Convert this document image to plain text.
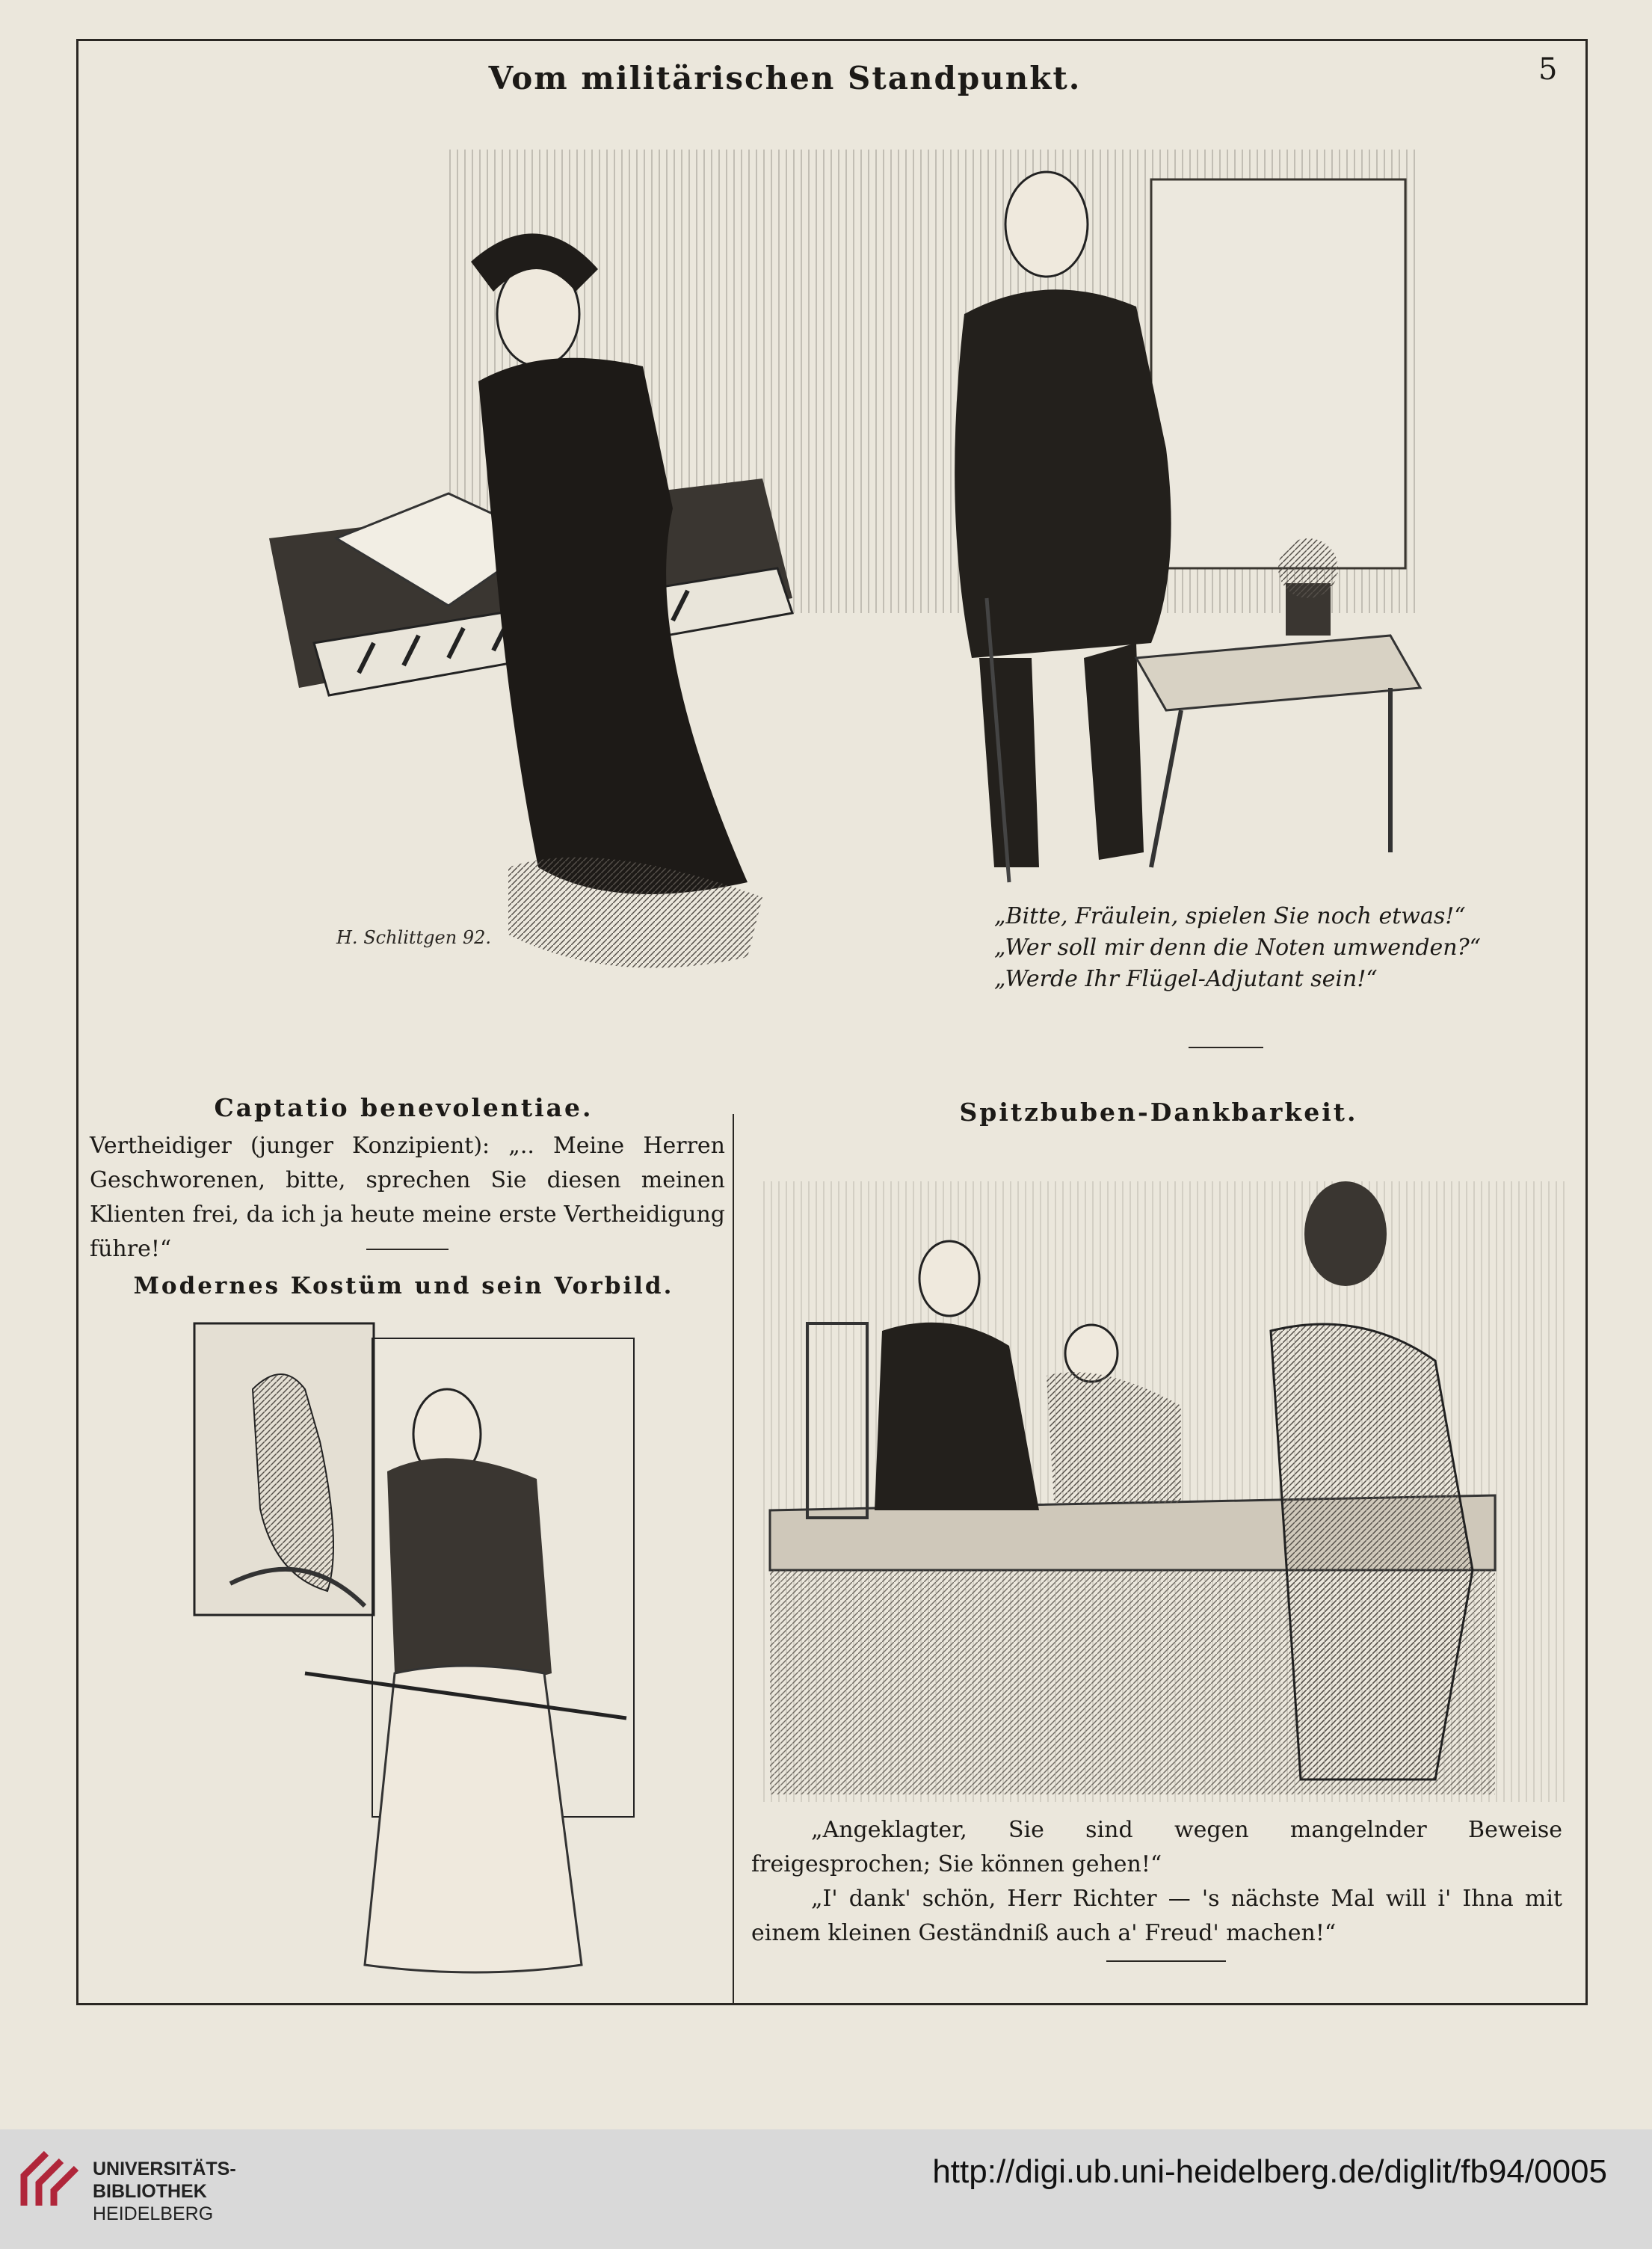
5
Vom militärischen Standpunkt.
H. Schlittgen 92.
„Bitte, Fräulein, spielen Sie noch etwas!“
„Wer soll mir denn die Noten umwenden?“
„Werde Ihr Flügel-Adjutant sein!“
Captatio benevolentiae.
Vertheidiger (junger Konzipient): „.. Meine Herren Geschworenen, bitte, sprechen Sie diesen meinen Klienten frei, da ich ja heute meine erste Vertheidigung führe!“
Modernes Kostüm und sein Vorbild.
Spitzbuben-Dankbarkeit.
„Angeklagter, Sie sind wegen mangelnder Beweise freigesprochen; Sie können gehen!“
„I' dank' schön, Herr Richter — 's nächste Mal will i' Ihna mit einem kleinen Geständniß auch a' Freud' machen!“
UNIVERSITÄTS-
BIBLIOTHEK
HEIDELBERG
http://digi.ub.uni-heidelberg.de/diglit/fb94/0005
